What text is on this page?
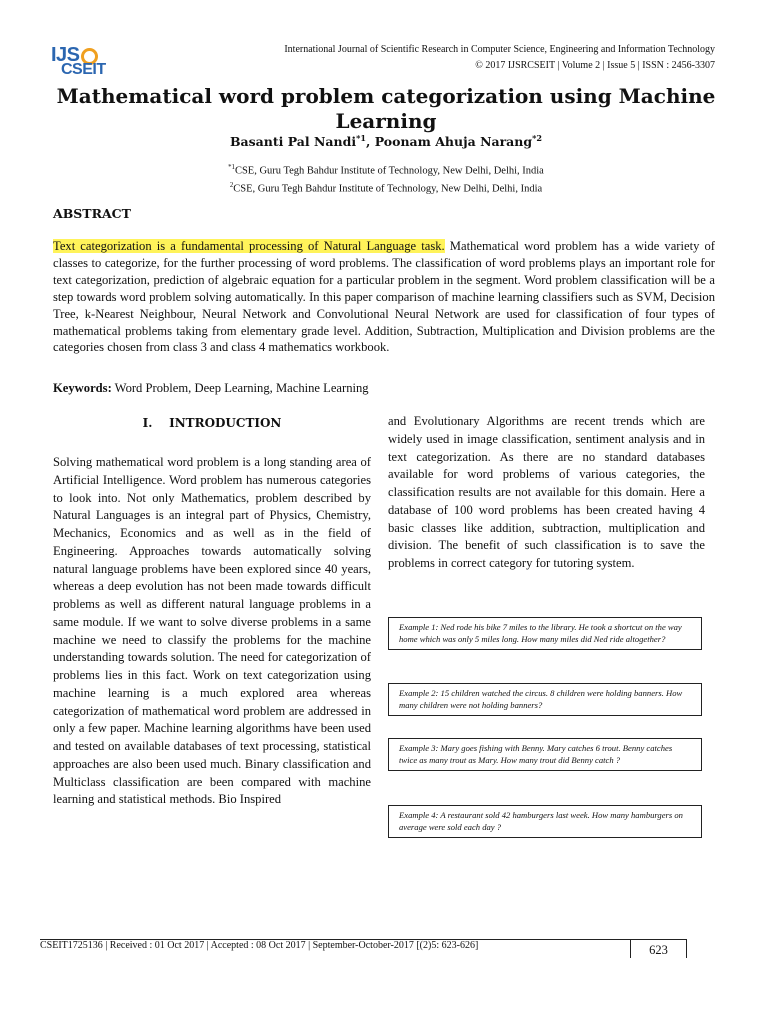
IJS
CSEIT
International Journal of Scientific Research in Computer Science, Engineering and Information Technology
© 2017 IJSRCSEIT | Volume 2 | Issue 5 | ISSN : 2456-3307
Mathematical word problem categorization using Machine Learning
Basanti Pal Nandi$^{*1}$, Poonam Ahuja Narang$^{*2}$
$^{*1}$CSE, Guru Tegh Bahdur Institute of Technology, New Delhi, Delhi, India
$^2$CSE, Guru Tegh Bahdur Institute of Technology, New Delhi, Delhi, India
ABSTRACT
Text categorization is a fundamental processing of Natural Language task. Mathematical word problem has a wide variety of classes to categorize, for the further processing of word problems. The classification of word problems plays an important role for text categorization, prediction of algebraic equation for a particular problem in the segment. Word problem classification will be a step towards word problem solving automatically. In this paper comparison of machine learning classifiers such as SVM, Decision Tree, k-Nearest Neighbour, Neural Network and Convolutional Neural Network are used for classification of four types of mathematical problems taking from elementary grade level. Addition, Subtraction, Multiplication and Division problems are the categories chosen from class 3 and class 4 mathematics workbook.
Keywords: Word Problem, Deep Learning, Machine Learning
I.    INTRODUCTION
Solving mathematical word problem is a long standing area of Artificial Intelligence. Word problem has numerous categories to look into. Not only Mathematics, problem described by Natural Languages is an integral part of Physics, Chemistry, Mechanics, Economics and as well as in the field of Engineering. Approaches towards automatically solving natural language problems have been explored since 40 years, whereas a deep evolution has not been made towards difficult problems as well as different natural language problems in a same module. If we want to solve diverse problems in a same machine we need to classify the problems for the machine understanding towards solution. The need for categorization of problems lies in this fact. Work on text categorization using machine learning is a much explored area whereas categorization of mathematical word problem are addressed in only a few paper. Machine learning algorithms have been used and tested on available databases of text processing, statistical approaches are also been used much. Binary classification and Multiclass classification are been compared with machine learning and statistical methods. Bio Inspired
and Evolutionary Algorithms are recent trends which are widely used in image classification, sentiment analysis and in text categorization. As there are no standard databases available for word problems of various categories, the classification results are not available for this domain. Here a database of 100 word problems has been created having 4 basic classes like addition, subtraction, multiplication and division. The benefit of such classification is to save the problems in correct category for tutoring system.
Example 1: Ned rode his bike 7 miles to the library. He took a shortcut on the way home which was only 5 miles long. How many miles did Ned ride altogether?
Example 2: 15 children watched the circus. 8 children were holding banners. How many children were not holding banners?
Example 3: Mary goes fishing with Benny. Mary catches 6 trout. Benny catches twice as many trout as Mary. How many trout did Benny catch ?
Example 4: A restaurant sold 42 hamburgers last week. How many hamburgers on average were sold each day ?
CSEIT1725136 | Received : 01 Oct 2017 | Accepted : 08 Oct 2017 | September-October-2017 [(2)5: 623-626]	623
